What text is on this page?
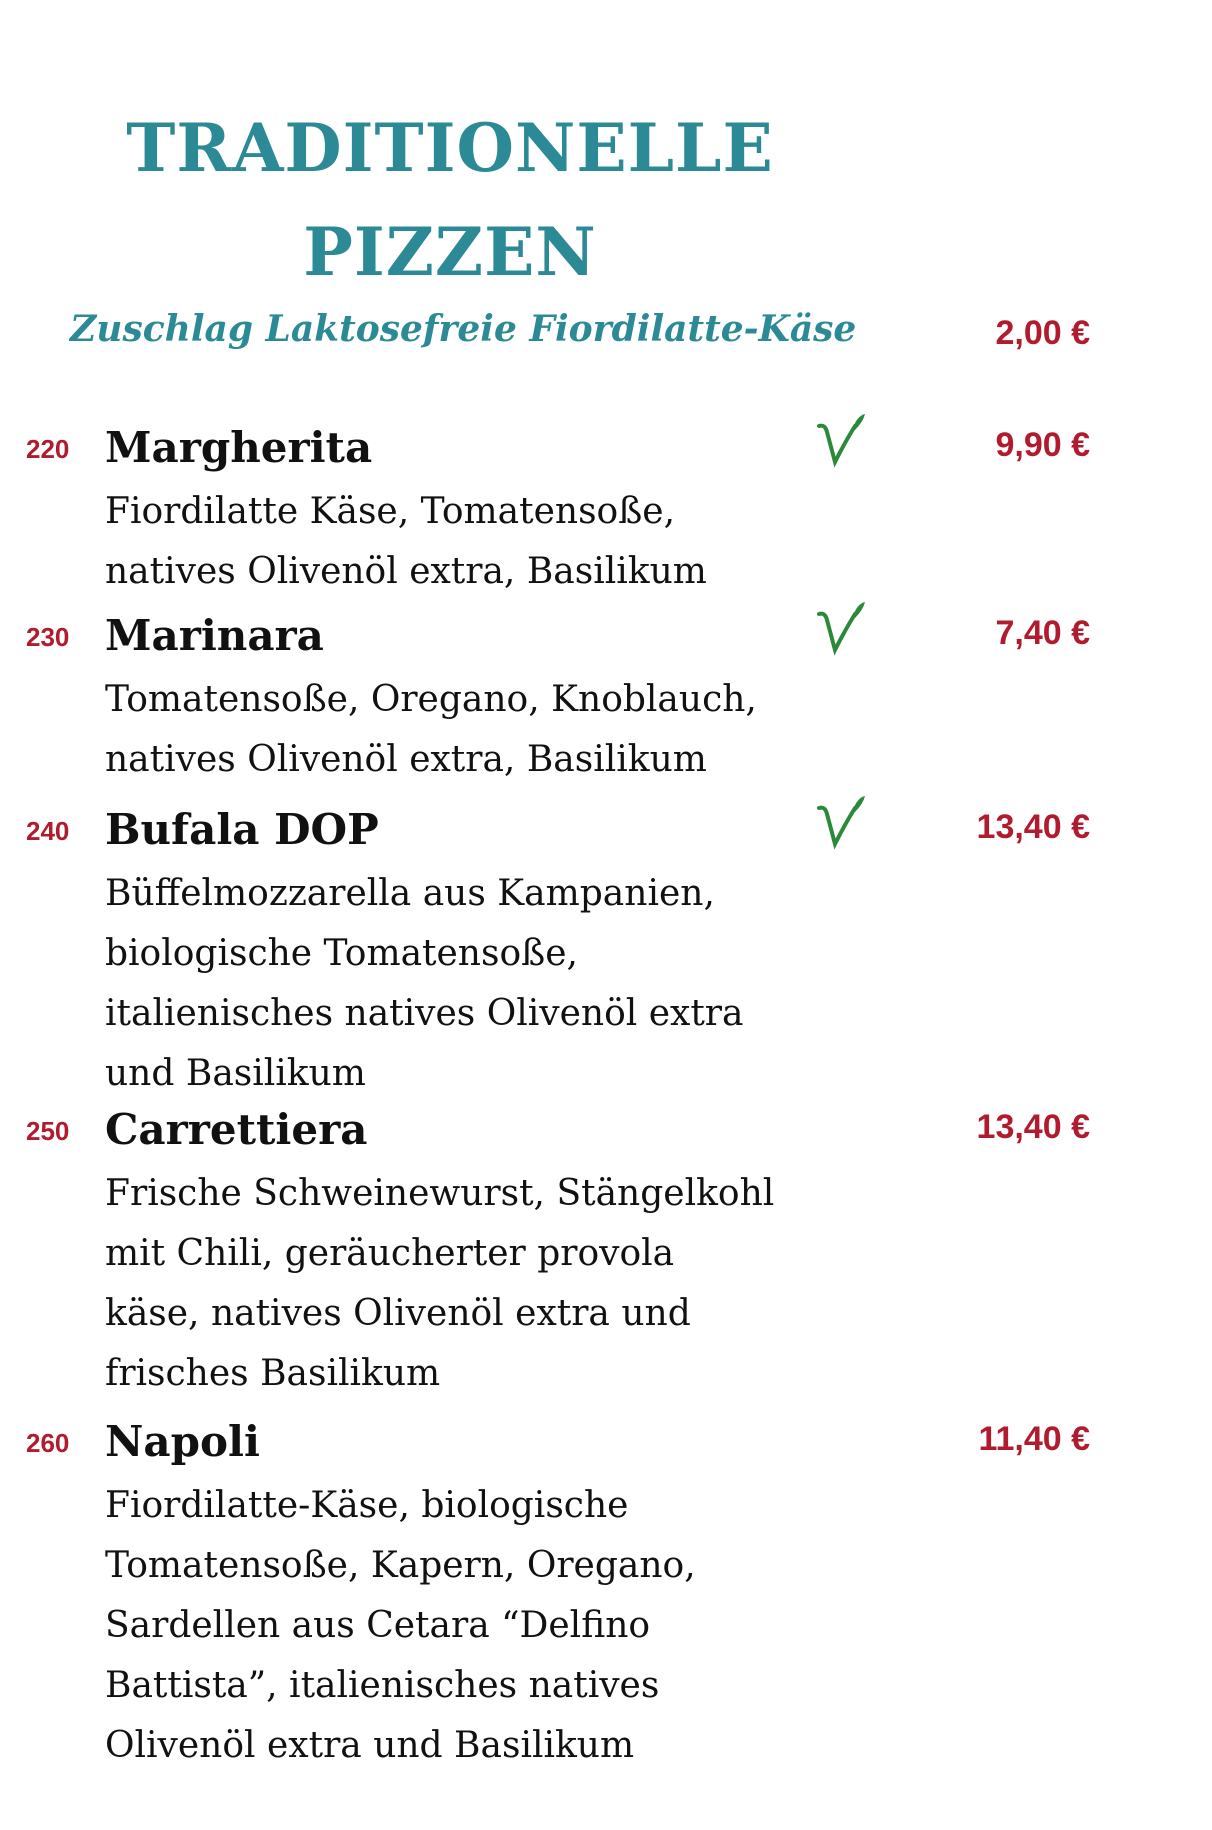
TRADITIONELLE
PIZZEN
Zuschlag Laktosefreie Fiordilatte-Käse	2,00 €
220 Margherita	9,90 €
Fiordilatte Käse, Tomatensoße,
natives Olivenöl extra, Basilikum
230 Marinara	7,40 €
Tomatensoße, Oregano, Knoblauch,
natives Olivenöl extra, Basilikum
240 Bufala DOP	13,40 €
Büffelmozzarella aus Kampanien,
biologische Tomatensoße,
italienisches natives Olivenöl extra
und Basilikum
250 Carrettiera	13,40 €
Frische Schweinewurst, Stängelkohl
mit Chili, geräucherter provola
käse, natives Olivenöl extra und
frisches Basilikum
260 Napoli	11,40 €
Fiordilatte-Käse, biologische
Tomatensoße, Kapern, Oregano,
Sardellen aus Cetara “Delfino
Battista”, italienisches natives
Olivenöl extra und Basilikum
